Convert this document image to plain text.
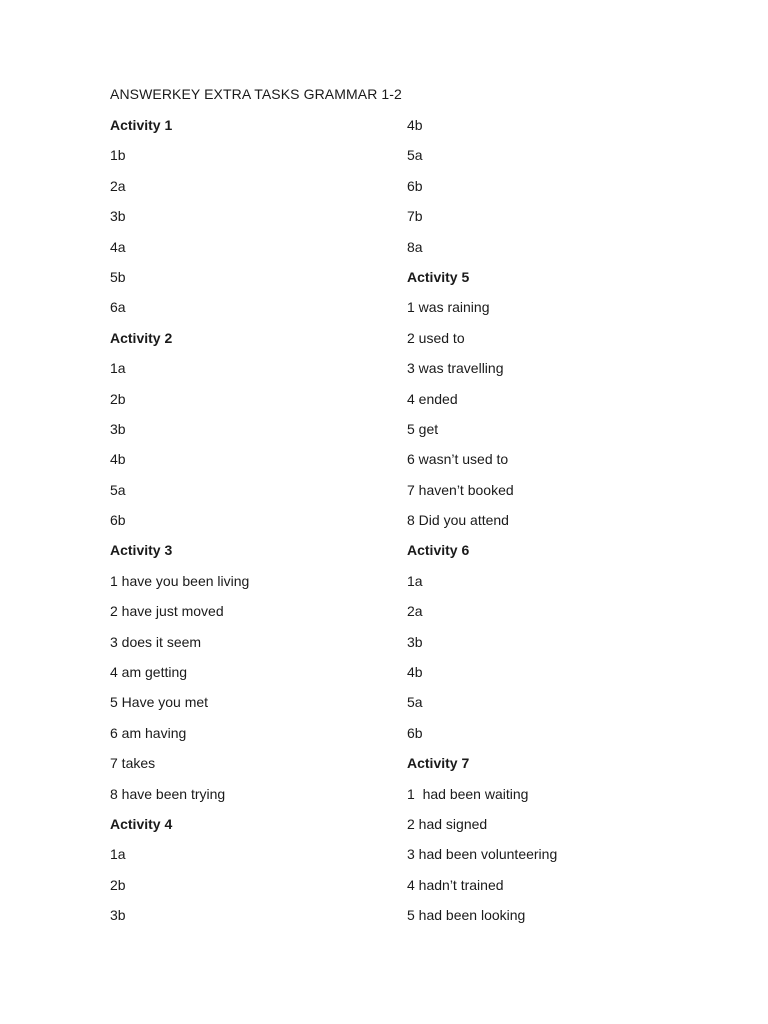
ANSWERKEY EXTRA TASKS GRAMMAR 1-2
Activity 1
1b
2a
3b
4a
5b
6a
Activity 2
1a
2b
3b
4b
5a
6b
Activity 3
1 have you been living
2 have just moved
3 does it seem
4 am getting
5 Have you met
6 am having
7 takes
8 have been trying
Activity 4
1a
2b
3b
4b
5a
6b
7b
8a
Activity 5
1 was raining
2 used to
3 was travelling
4 ended
5 get
6 wasn’t used to
7 haven’t booked
8 Did you attend
Activity 6
1a
2a
3b
4b
5a
6b
Activity 7
1  had been waiting
2 had signed
3 had been volunteering
4 hadn’t trained
5 had been looking
